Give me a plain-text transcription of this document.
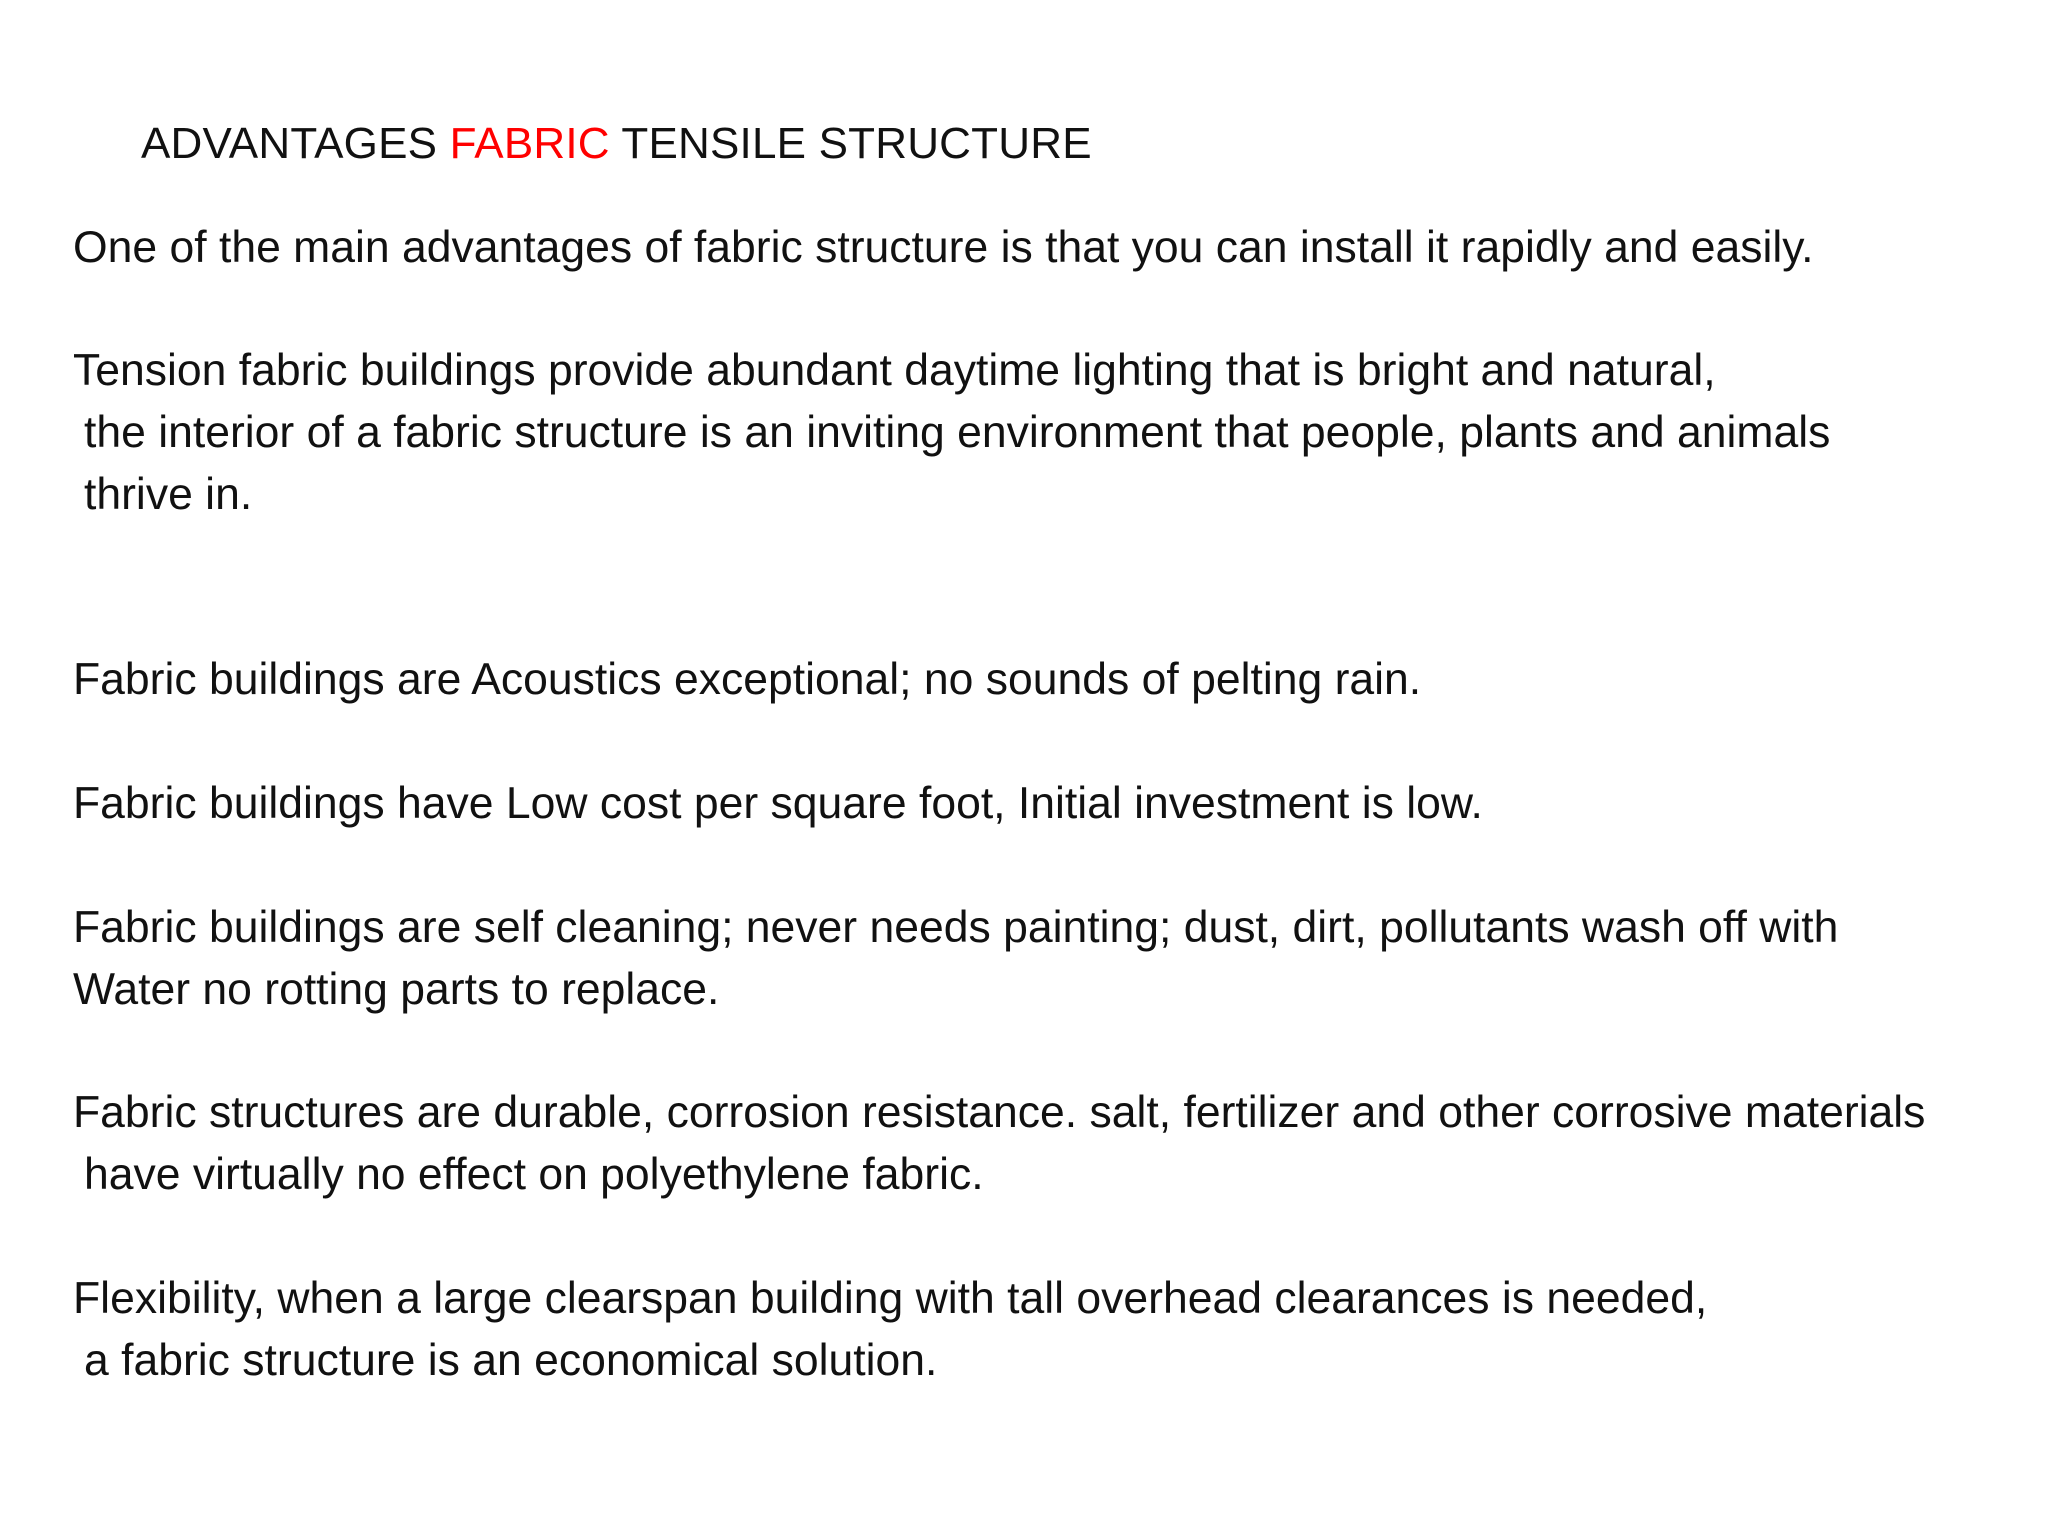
ADVANTAGES FABRIC TENSILE STRUCTURE
One of the main advantages of fabric structure is that you can install it rapidly and easily.
Tension fabric buildings provide abundant daytime lighting that is bright and natural,
the interior of a fabric structure is an inviting environment that people, plants and animals
thrive in.
Fabric buildings are Acoustics exceptional; no sounds of pelting rain.
Fabric buildings have Low cost per square foot, Initial investment is low.
Fabric buildings are self cleaning; never needs painting; dust, dirt, pollutants wash off with
Water no rotting parts to replace.
Fabric structures are durable, corrosion resistance. salt, fertilizer and other corrosive materials
have virtually no effect on polyethylene fabric.
Flexibility, when a large clearspan building with tall overhead clearances is needed,
a fabric structure is an economical solution.
